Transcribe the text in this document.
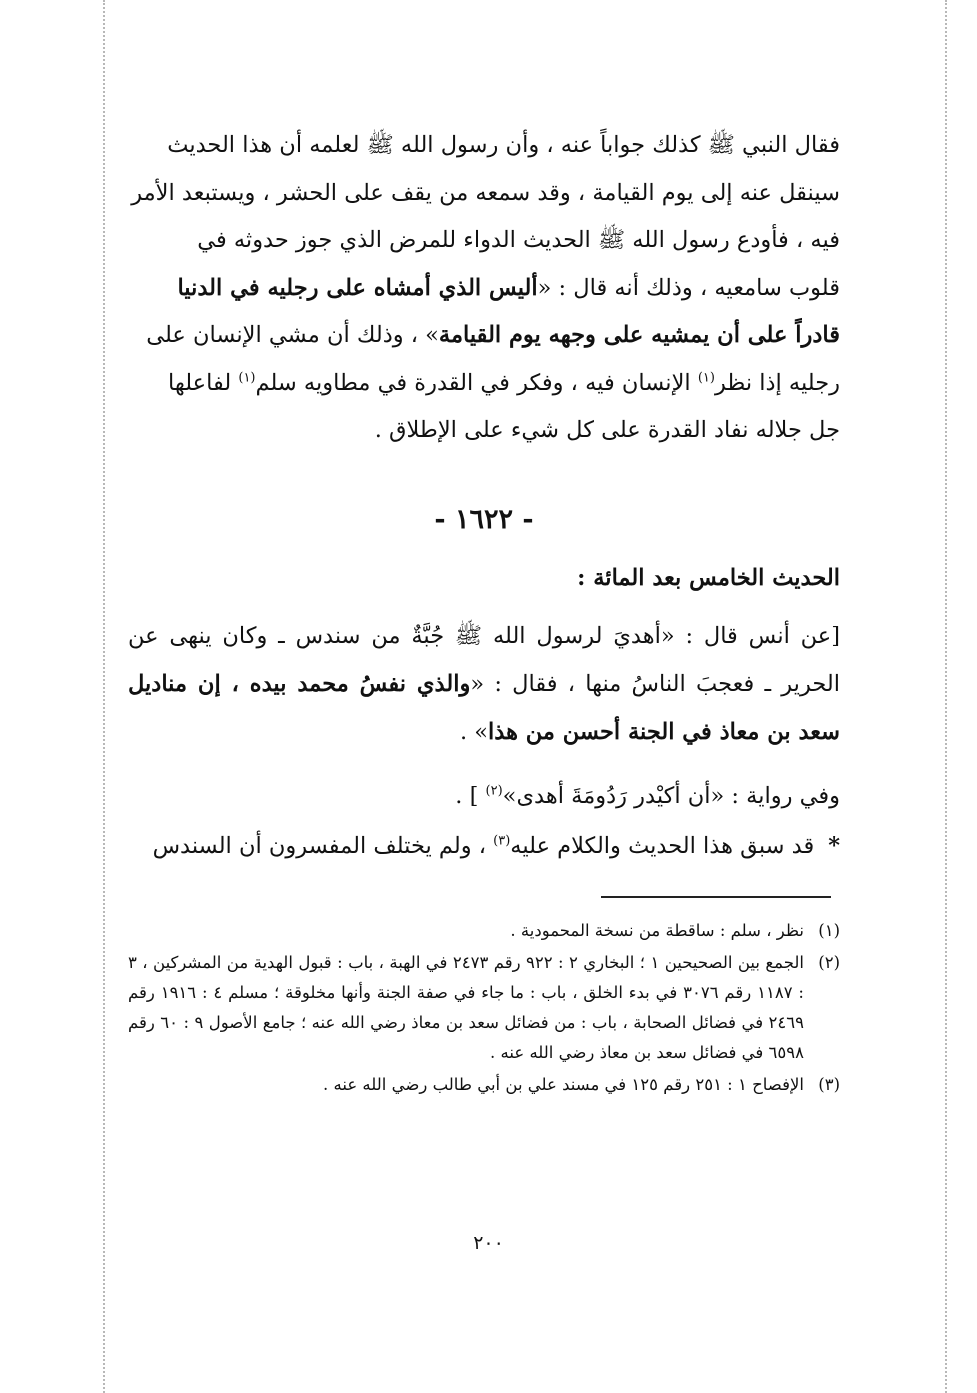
فقال النبي ﷺ كذلك جواباً عنه ، وأن رسول الله ﷺ لعلمه أن هذا الحديث

سينقل عنه إلى يوم القيامة ، وقد سمعه من يقف على الحشر ، ويستبعد الأمر

فيه ، فأودع رسول الله ﷺ الحديث الدواء للمرض الذي جوز حدوثه في

قلوب سامعيه ، وذلك أنه قال : «أليس الذي أمشاه على رجليه في الدنيا

قادراً على أن يمشيه على وجهه يوم القيامة» ، وذلك أن مشي الإنسان على

رجليه إذا نظر$^{(١)}$ الإنسان فيه ، وفكر في القدرة في مطاويه سلم$^{(١)}$ لفاعلها

جل جلاله نفاد القدرة على كل شيء على الإطلاق .

- ١٦٢٢ -
الحديث الخامس بعد المائة :
[عن أنس قال : «أهديَ لرسول الله ﷺ جُبَّةٌ من سندس ـ وكان ينهى عن الحرير ـ فعجبَ الناسُ منها ، فقال : «والذي نفسُ محمد بيده ، إن مناديل سعد بن معاذ في الجنة أحسن من هذا» .
وفي رواية : «أن أكيْدر رَدُومَةَ أهدى»$^{(٢)}$ ] .
*قد سبق هذا الحديث والكلام عليه$^{(٣)}$ ، ولم يختلف المفسرون أن السندس
(١)
نظر ، سلم : ساقطة من نسخة المحمودية .
(٢)
الجمع بين الصحيحين ١ ؛ البخاري ٢ : ٩٢٢ رقم ٢٤٧٣ في الهبة ، باب : قبول الهدية من المشركين ، ٣ : ١١٨٧ رقم ٣٠٧٦ في بدء الخلق ، باب : ما جاء في صفة الجنة وأنها مخلوقة ؛ مسلم ٤ : ١٩١٦ رقم ٢٤٦٩ في فضائل الصحابة ، باب : من فضائل سعد بن معاذ رضي الله عنه ؛ جامع الأصول ٩ : ٦٠ رقم ٦٥٩٨ في فضائل سعد بن معاذ رضي الله عنه .
(٣)
الإفصاح ١ : ٢٥١ رقم ١٢٥ في مسند علي بن أبي طالب رضي الله عنه .
٢٠٠
